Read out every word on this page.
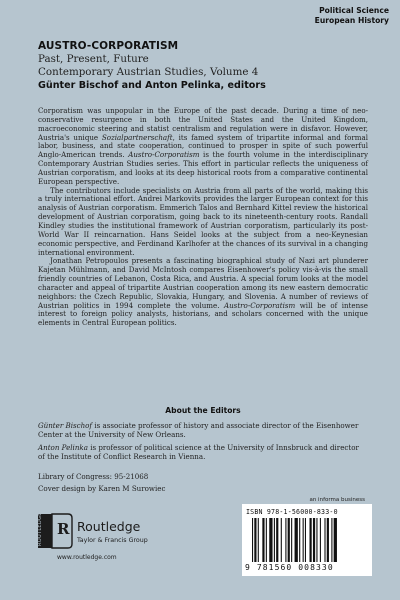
Political Science
European History
AUSTRO-CORPORATISM
Past, Present, Future
Contemporary Austrian Studies, Volume 4
Günter Bischof and Anton Pelinka, editors

Corporatism was unpopular in the Europe of the past decade. During a time of neo-conservative resurgence in both the United States and the United Kingdom, macroeconomic steering and statist centralism and regulation were in disfavor. However, Austria's unique Sozialpartnerschaft, its famed system of tripartite informal and formal labor, business, and state cooperation, continued to prosper in spite of such powerful Anglo-American trends. Austro-Corporatism is the fourth volume in the interdisciplinary Contemporary Austrian Studies series. This effort in particular reflects the uniqueness of Austrian corporatism, and looks at its deep historical roots from a comparative continental European perspective.

The contributors include specialists on Austria from all parts of the world, making this a truly international effort. Andrei Markovits provides the larger European context for this analysis of Austrian corporatism. Emmerich Talos and Bernhard Kittel review the historical development of Austrian corporatism, going back to its nineteenth-century roots. Randall Kindley studies the institutional framework of Austrian corporatism, particularly its post-World War II reincarnation. Hans Seidel looks at the subject from a neo-Keynesian economic perspective, and Ferdinand Karlhofer at the chances of its survival in a changing international environment.

Jonathan Petropoulos presents a fascinating biographical study of Nazi art plunderer Kajetan Mühlmann, and David McIntosh compares Eisenhower's policy vis-à-vis the small friendly countries of Lebanon, Costa Rica, and Austria. A special forum looks at the model character and appeal of tripartite Austrian cooperation among its new eastern democratic neighbors: the Czech Republic, Slovakia, Hungary, and Slovenia. A number of reviews of Austrian politics in 1994 complete the volume. Austro-Corporatism will be of intense interest to foreign policy analysts, historians, and scholars concerned with the unique elements in Central European politics.

About the Editors
Günter Bischof is associate professor of history and associate director of the Eisenhower Center at the University of New Orleans.
Anton Pelinka is professor of political science at the University of Innsbruck and director of the Institute of Conflict Research in Vienna.
Library of Congress: 95-21068
Cover design by Karen M Surowiec
an informa business
ROUTLEDGE R Routledge
Taylor & Francis Group
www.routledge.com
ISBN 978-1-56000-833-0
9 781560 008330
